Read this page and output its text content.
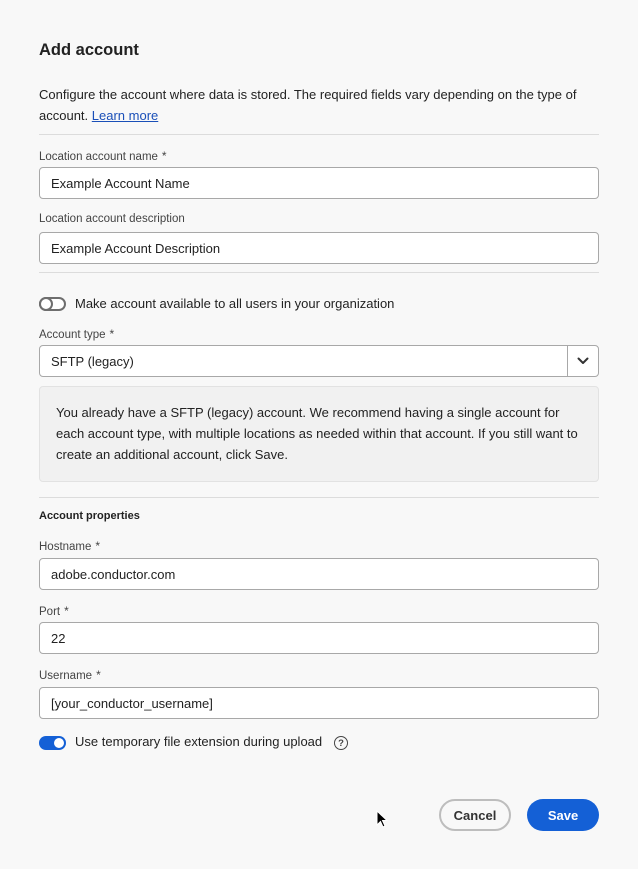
Add account
Configure the account where data is stored. The required fields vary depending on the type of account. Learn more
Location account name *
Example Account Name
Location account description
Example Account Description
Make account available to all users in your organization
Account type *
SFTP (legacy)
You already have a SFTP (legacy) account. We recommend having a single account for each account type, with multiple locations as needed within that account. If you still want to create an additional account, click Save.
Account properties
Hostname *
adobe.conductor.com
Port *
22
Username *
[your_conductor_username]
Use temporary file extension during upload	?
Cancel	Save
